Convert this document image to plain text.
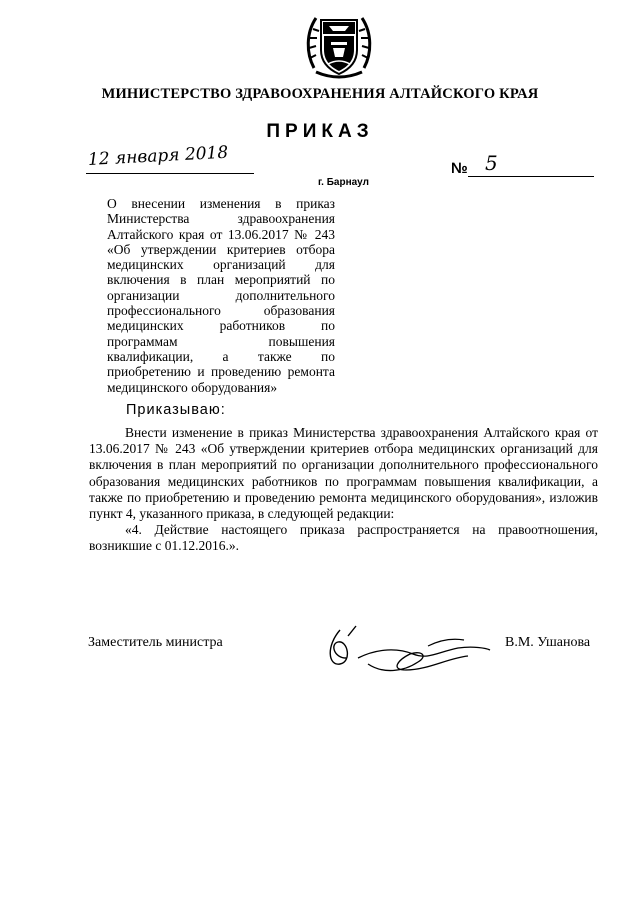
МИНИСТЕРСТВО ЗДРАВООХРАНЕНИЯ АЛТАЙСКОГО КРАЯ
ПРИКАЗ
12 января 2018
г. Барнаул
№ 5
О внесении изменения в приказ Министерства здравоохранения Алтайского края от 13.06.2017 № 243 «Об утверждении критериев отбора медицинских организаций для включения в план мероприятий по организации дополнительного профессионального образования медицинских работников по программам повышения квалификации, а также по приобретению и проведению ремонта медицинского оборудования»
Приказываю:

Внести изменение в приказ Министерства здравоохранения Алтайского края от 13.06.2017 № 243 «Об утверждении критериев отбора медицинских организаций для включения в план мероприятий по организации дополнительного профессионального образования медицинских работников по программам повышения квалификации, а также по приобретению и проведению ремонта медицинского оборудования», изложив пункт 4, указанного приказа, в следующей редакции:

«4. Действие настоящего приказа распространяется на правоотношения, возникшие с 01.12.2016.».

Заместитель министра	В.М. Ушанова
